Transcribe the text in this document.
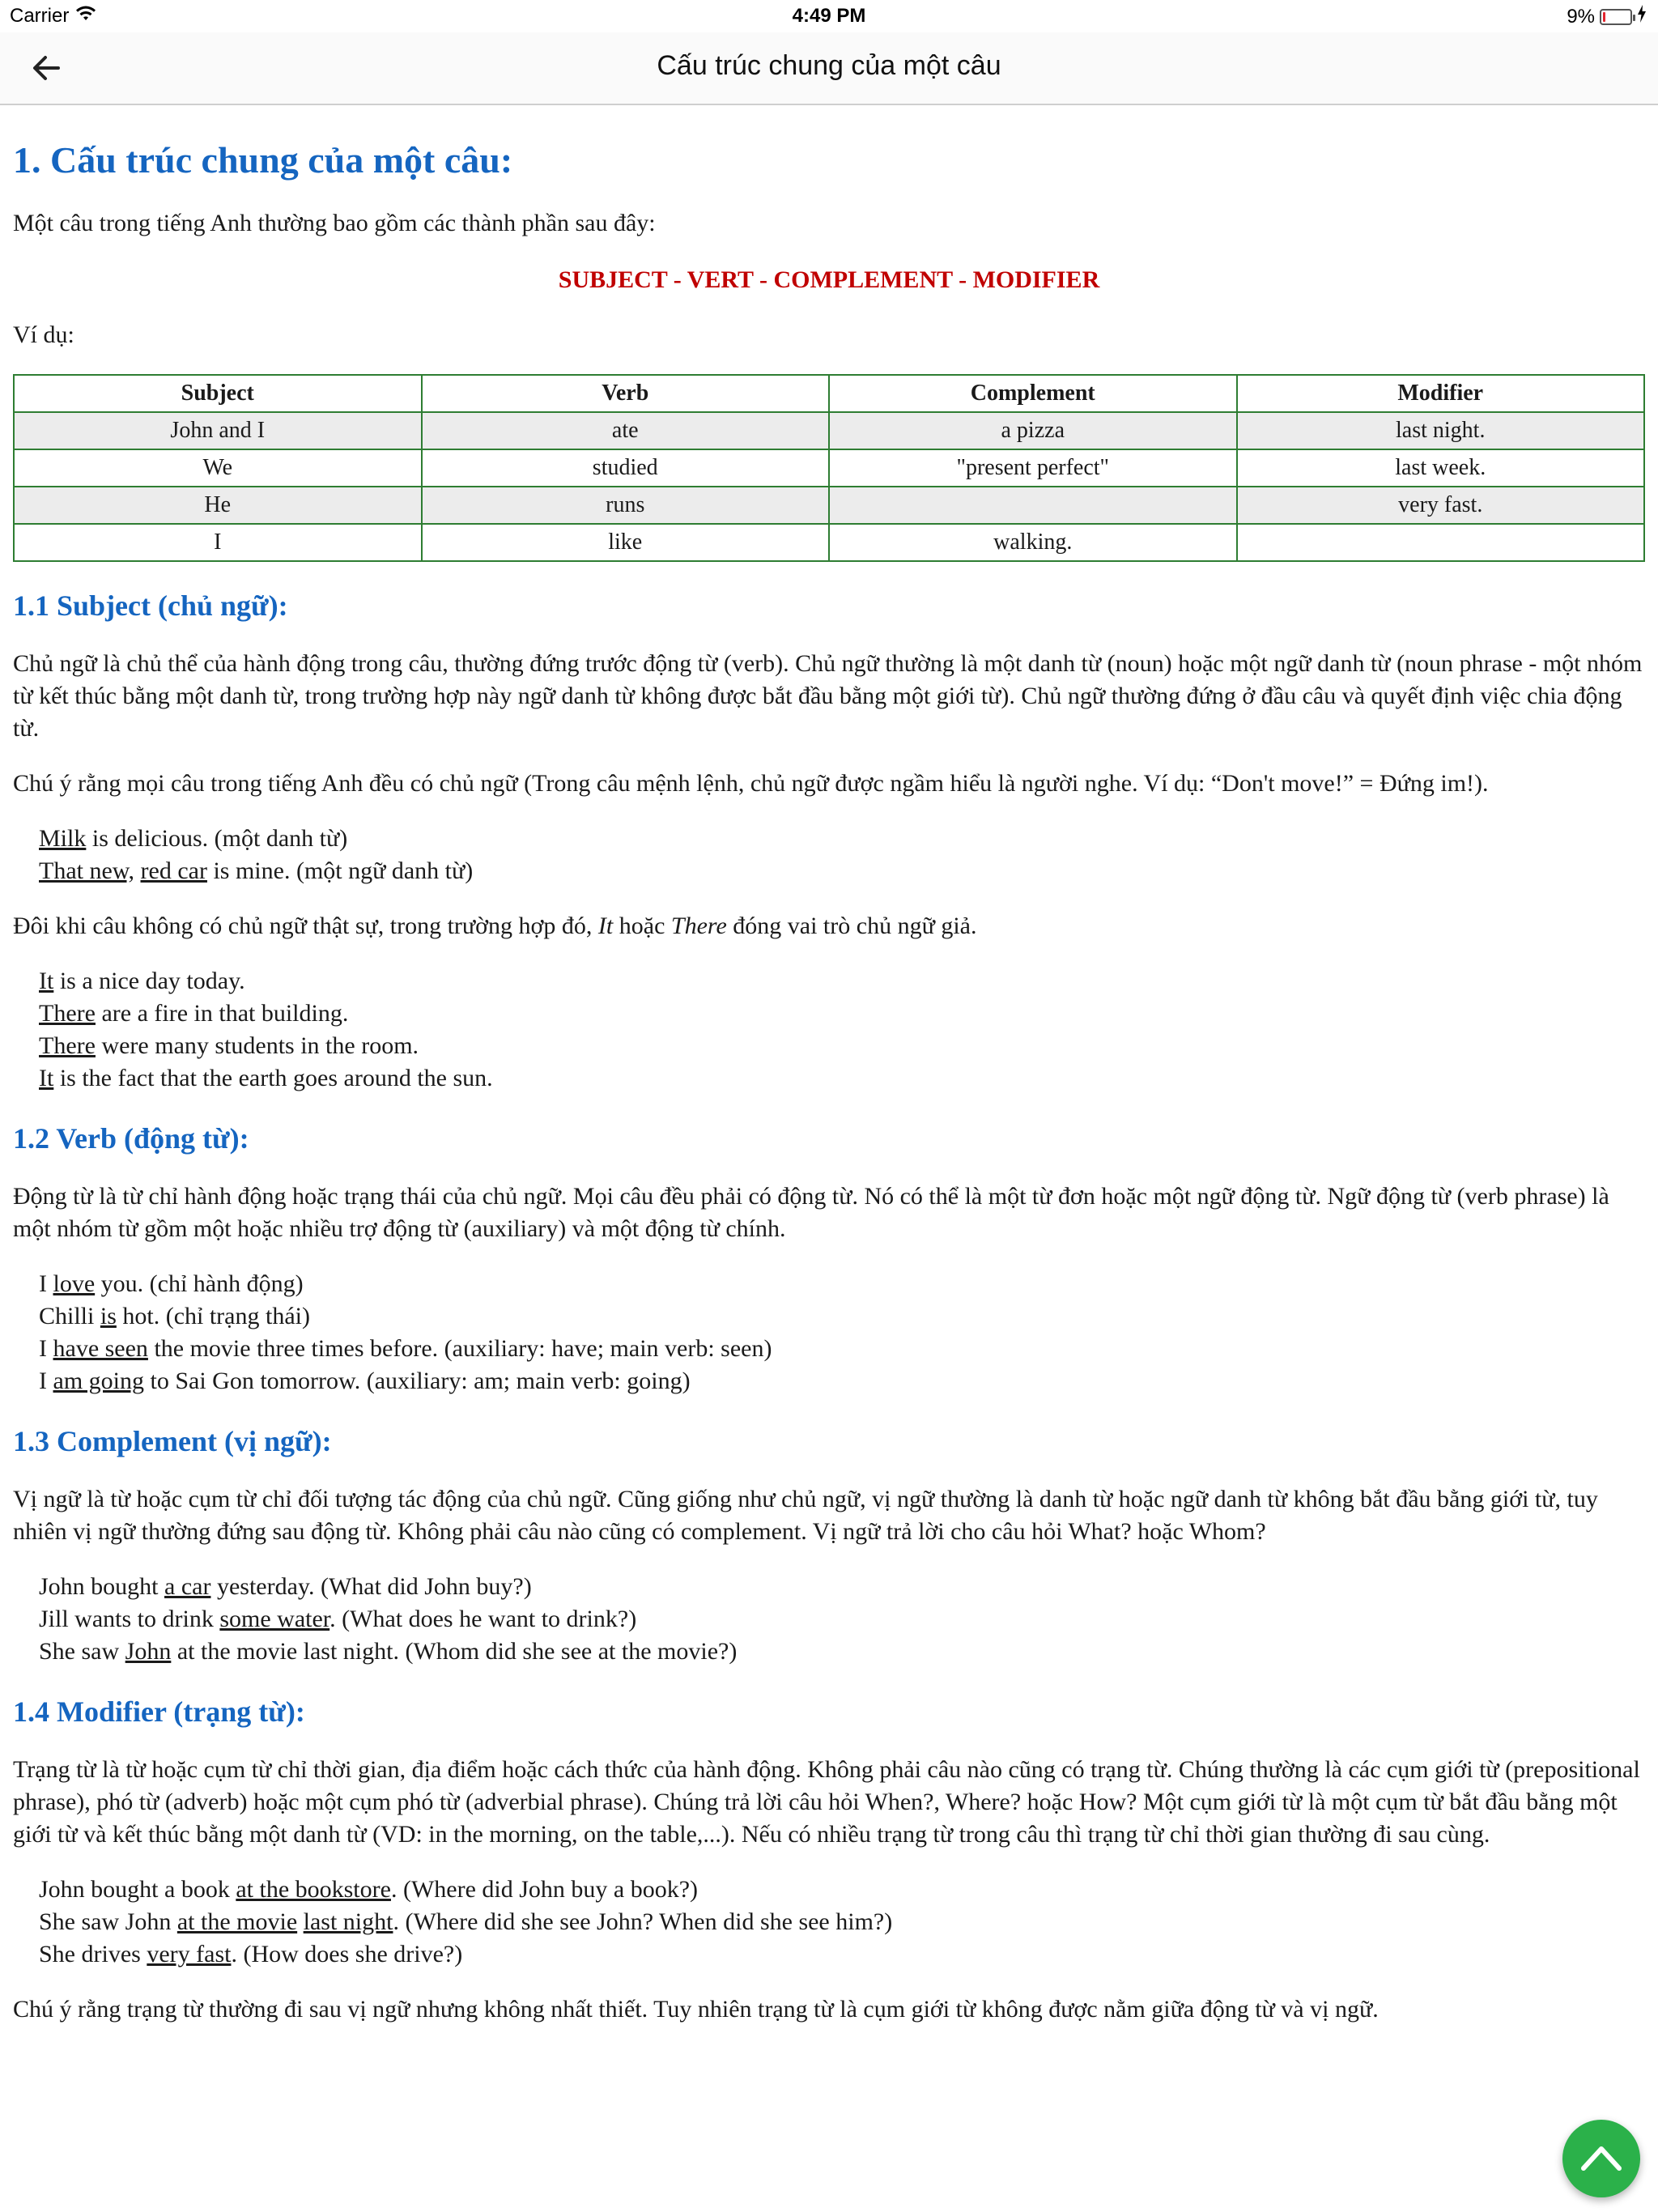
Carrier	4:49 PM	9%
Cấu trúc chung của một câu
1. Cấu trúc chung của một câu:

Một câu trong tiếng Anh thường bao gồm các thành phần sau đây:

SUBJECT - VERT - COMPLEMENT - MODIFIER

Ví dụ:

Subject	Verb	Complement	Modifier
John and I	ate	a pizza	last night.
We	studied	"present perfect"	last week.
He	runs		very fast.
I	like	walking.	
1.1 Subject (chủ ngữ):

Chủ ngữ là chủ thể của hành động trong câu, thường đứng trước động từ (verb). Chủ ngữ thường là một danh từ (noun) hoặc một ngữ danh từ (noun phrase - một nhóm từ kết thúc bằng một danh từ, trong trường hợp này ngữ danh từ không được bắt đầu bằng một giới từ). Chủ ngữ thường đứng ở đầu câu và quyết định việc chia động từ.

Chú ý rằng mọi câu trong tiếng Anh đều có chủ ngữ (Trong câu mệnh lệnh, chủ ngữ được ngầm hiểu là người nghe. Ví dụ: “Don't move!” = Đứng im!).

Milk is delicious. (một danh từ)
That new, red car is mine. (một ngữ danh từ)

Đôi khi câu không có chủ ngữ thật sự, trong trường hợp đó, It hoặc There đóng vai trò chủ ngữ giả.

It is a nice day today.
There are a fire in that building.
There were many students in the room.
It is the fact that the earth goes around the sun.
1.2 Verb (động từ):

Động từ là từ chỉ hành động hoặc trạng thái của chủ ngữ. Mọi câu đều phải có động từ. Nó có thể là một từ đơn hoặc một ngữ động từ. Ngữ động từ (verb phrase) là một nhóm từ gồm một hoặc nhiều trợ động từ (auxiliary) và một động từ chính.

I love you. (chỉ hành động)
Chilli is hot. (chỉ trạng thái)
I have seen the movie three times before. (auxiliary: have; main verb: seen)
I am going to Sai Gon tomorrow. (auxiliary: am; main verb: going)
1.3 Complement (vị ngữ):

Vị ngữ là từ hoặc cụm từ chỉ đối tượng tác động của chủ ngữ. Cũng giống như chủ ngữ, vị ngữ thường là danh từ hoặc ngữ danh từ không bắt đầu bằng giới từ, tuy nhiên vị ngữ thường đứng sau động từ. Không phải câu nào cũng có complement. Vị ngữ trả lời cho câu hỏi What? hoặc Whom?

John bought a car yesterday. (What did John buy?)
Jill wants to drink some water. (What does he want to drink?)
She saw John at the movie last night. (Whom did she see at the movie?)
1.4 Modifier (trạng từ):

Trạng từ là từ hoặc cụm từ chỉ thời gian, địa điểm hoặc cách thức của hành động. Không phải câu nào cũng có trạng từ. Chúng thường là các cụm giới từ (prepositional phrase), phó từ (adverb) hoặc một cụm phó từ (adverbial phrase). Chúng trả lời câu hỏi When?, Where? hoặc How? Một cụm giới từ là một cụm từ bắt đầu bằng một giới từ và kết thúc bằng một danh từ (VD: in the morning, on the table,...). Nếu có nhiều trạng từ trong câu thì trạng từ chỉ thời gian thường đi sau cùng.

John bought a book at the bookstore. (Where did John buy a book?)
She saw John at the movie last night. (Where did she see John? When did she see him?)
She drives very fast. (How does she drive?)

Chú ý rằng trạng từ thường đi sau vị ngữ nhưng không nhất thiết. Tuy nhiên trạng từ là cụm giới từ không được nằm giữa động từ và vị ngữ.
